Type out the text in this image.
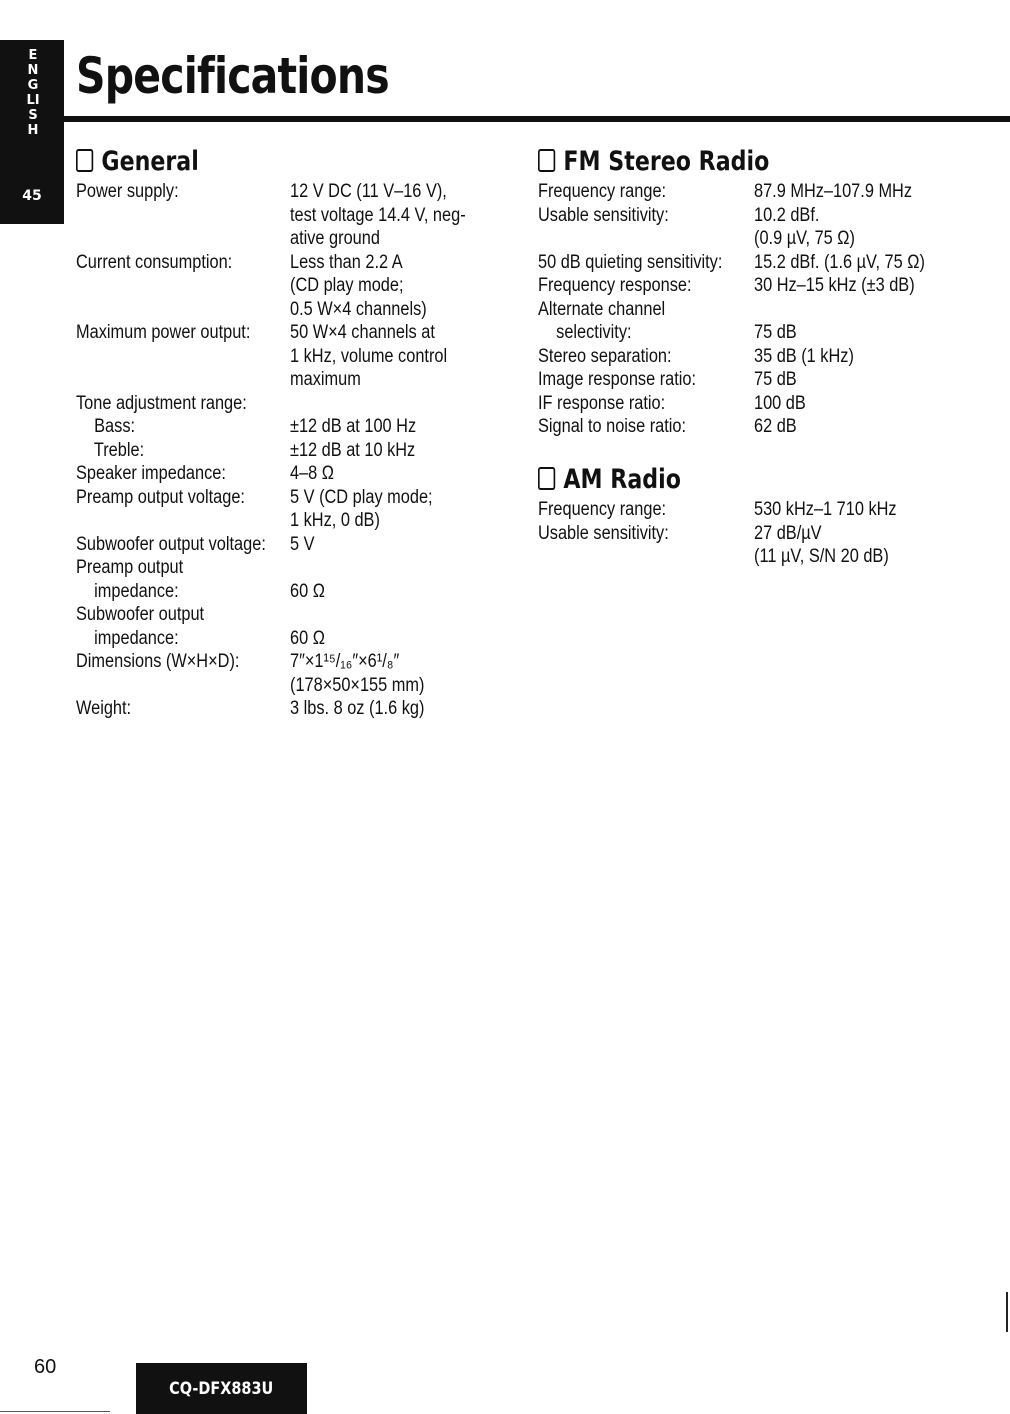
ENGLISH
45
Specifications
General
Power supply:	12 V DC (11 V–16 V),
test voltage 14.4 V, neg-
ative ground
Current consumption:	Less than 2.2 A
(CD play mode;
0.5 W×4 channels)
Maximum power output:	50 W×4 channels at
1 kHz, volume control
maximum
Tone adjustment range:
Bass:	±12 dB at 100 Hz
Treble:	±12 dB at 10 kHz
Speaker impedance:	4–8 Ω
Preamp output voltage:	5 V (CD play mode;
1 kHz, 0 dB)
Subwoofer output voltage: 5 V
Preamp output
impedance:	60 Ω
Subwoofer output
impedance:	60 Ω
Dimensions (W×H×D):	7″×1¹⁵/₁₆″×6¹/₈″
(178×50×155 mm)
Weight:	3 lbs. 8 oz (1.6 kg)
FM Stereo Radio
Frequency range:	87.9 MHz–107.9 MHz
Usable sensitivity:	10.2 dBf.
(0.9 µV, 75 Ω)
50 dB quieting sensitivity: 15.2 dBf. (1.6 µV, 75 Ω)
Frequency response:	30 Hz–15 kHz (±3 dB)
Alternate channel
selectivity:	75 dB
Stereo separation:	35 dB (1 kHz)
Image response ratio:	75 dB
IF response ratio:	100 dB
Signal to noise ratio:	62 dB
AM Radio
Frequency range:	530 kHz–1 710 kHz
Usable sensitivity:	27 dB/µV
(11 µV, S/N 20 dB)
60
CQ-DFX883U
